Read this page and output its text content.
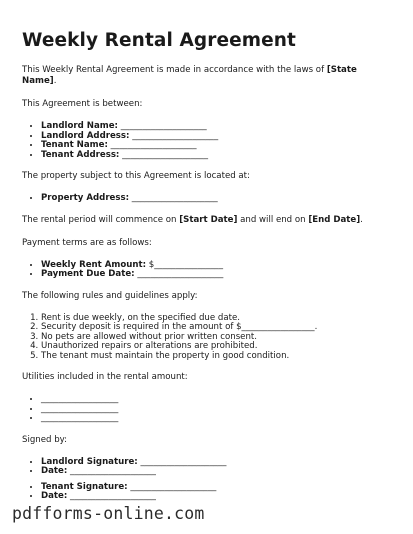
Weekly Rental Agreement

This Weekly Rental Agreement is made in accordance with the laws of [State Name].

This Agreement is between:

• Landlord Name: ____________________
• Landlord Address: ____________________
• Tenant Name: ____________________
• Tenant Address: ____________________

The property subject to this Agreement is located at:

• Property Address: ____________________

The rental period will commence on [Start Date] and will end on [End Date].

Payment terms are as follows:

• Weekly Rent Amount: $________________
• Payment Due Date: ____________________

The following rules and guidelines apply:

1. Rent is due weekly, on the specified due date.
2. Security deposit is required in the amount of $_________________.
3. No pets are allowed without prior written consent.
4. Unauthorized repairs or alterations are prohibited.
5. The tenant must maintain the property in good condition.

Utilities included in the rental amount:

• __________________
• __________________
• __________________

Signed by:

• Landlord Signature: ____________________
• Date: ____________________
• Tenant Signature: ____________________
• Date: ____________________
pdfforms-online.com
